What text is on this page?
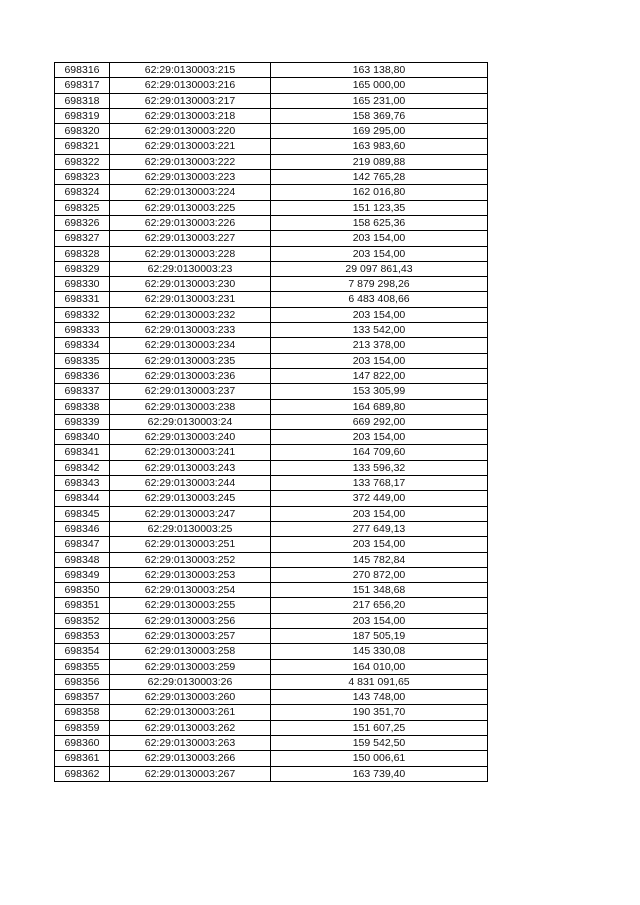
698316	62:29:0130003:215	163 138,80
698317	62:29:0130003:216	165 000,00
698318	62:29:0130003:217	165 231,00
698319	62:29:0130003:218	158 369,76
698320	62:29:0130003:220	169 295,00
698321	62:29:0130003:221	163 983,60
698322	62:29:0130003:222	219 089,88
698323	62:29:0130003:223	142 765,28
698324	62:29:0130003:224	162 016,80
698325	62:29:0130003:225	151 123,35
698326	62:29:0130003:226	158 625,36
698327	62:29:0130003:227	203 154,00
698328	62:29:0130003:228	203 154,00
698329	62:29:0130003:23	29 097 861,43
698330	62:29:0130003:230	7 879 298,26
698331	62:29:0130003:231	6 483 408,66
698332	62:29:0130003:232	203 154,00
698333	62:29:0130003:233	133 542,00
698334	62:29:0130003:234	213 378,00
698335	62:29:0130003:235	203 154,00
698336	62:29:0130003:236	147 822,00
698337	62:29:0130003:237	153 305,99
698338	62:29:0130003:238	164 689,80
698339	62:29:0130003:24	669 292,00
698340	62:29:0130003:240	203 154,00
698341	62:29:0130003:241	164 709,60
698342	62:29:0130003:243	133 596,32
698343	62:29:0130003:244	133 768,17
698344	62:29:0130003:245	372 449,00
698345	62:29:0130003:247	203 154,00
698346	62:29:0130003:25	277 649,13
698347	62:29:0130003:251	203 154,00
698348	62:29:0130003:252	145 782,84
698349	62:29:0130003:253	270 872,00
698350	62:29:0130003:254	151 348,68
698351	62:29:0130003:255	217 656,20
698352	62:29:0130003:256	203 154,00
698353	62:29:0130003:257	187 505,19
698354	62:29:0130003:258	145 330,08
698355	62:29:0130003:259	164 010,00
698356	62:29:0130003:26	4 831 091,65
698357	62:29:0130003:260	143 748,00
698358	62:29:0130003:261	190 351,70
698359	62:29:0130003:262	151 607,25
698360	62:29:0130003:263	159 542,50
698361	62:29:0130003:266	150 006,61
698362	62:29:0130003:267	163 739,40
